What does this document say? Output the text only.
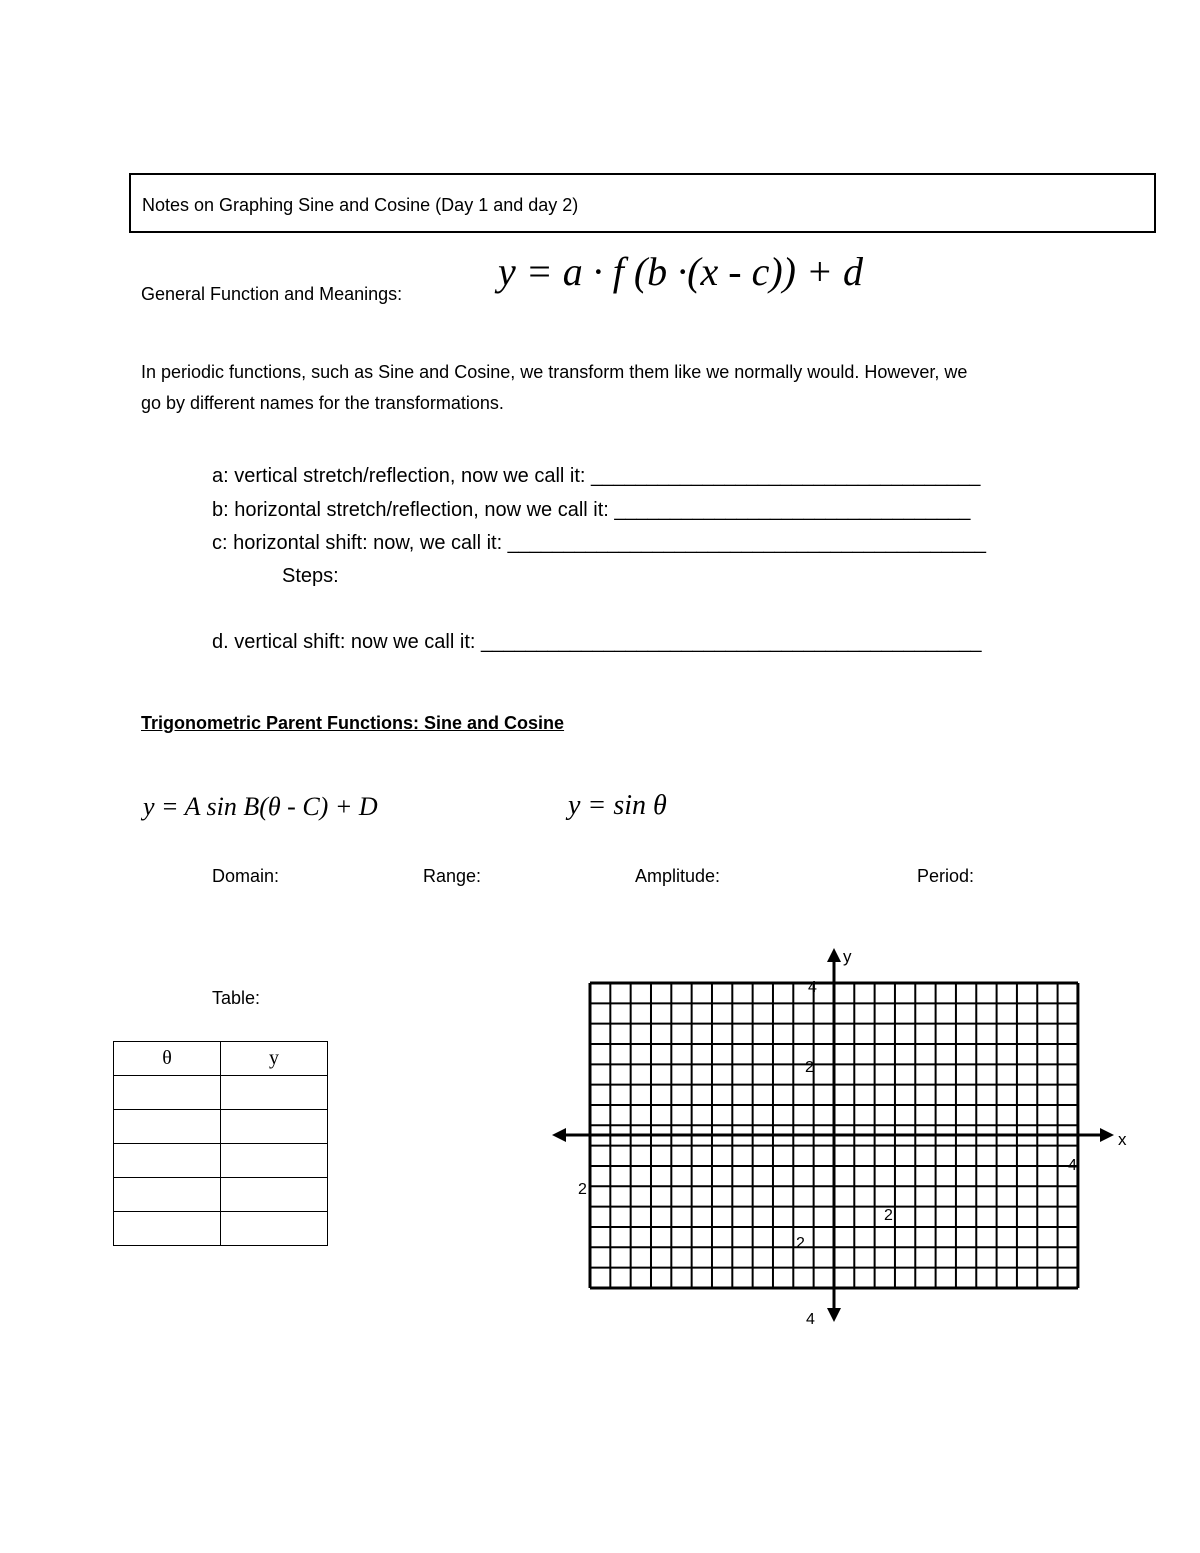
Notes on Graphing Sine and Cosine (Day 1 and day 2)
General Function and Meanings: y = a · f (b ·(x - c)) + d
In periodic functions, such as Sine and Cosine, we transform them like we normally would. However, we
go by different names for the transformations.
a: vertical stretch/reflection, now we call it: ___________________________________
b: horizontal stretch/reflection, now we call it: ________________________________
c: horizontal shift: now, we call it: ___________________________________________
Steps:
d. vertical shift: now we call it: _____________________________________________
Trigonometric Parent Functions: Sine and Cosine
y = A sin B(θ - C) + D	y = sin θ
Domain:	Range:	Amplitude:	Period:
Table:
θ	y

x
y
4
2
2
4
2
4
2
